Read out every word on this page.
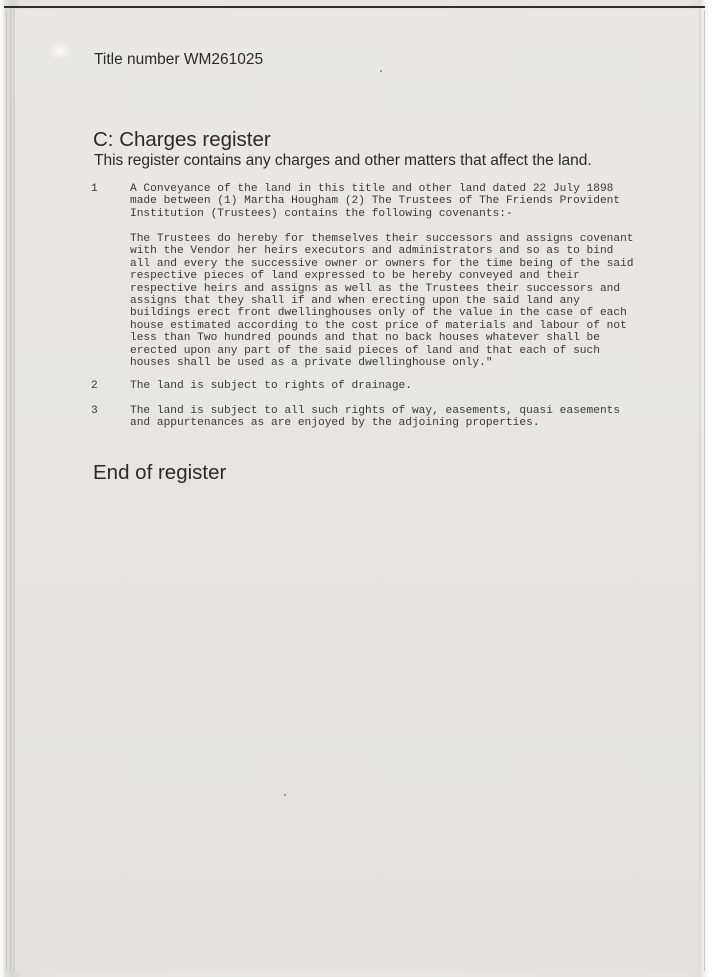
Title number WM261025
C: Charges register
This register contains any charges and other matters that affect the land.
1	A Conveyance of the land in this title and other land dated 22 July 1898
made between (1) Martha Hougham (2) The Trustees of The Friends Provident
Institution (Trustees) contains the following covenants:-
The Trustees do hereby for themselves their successors and assigns covenant
with the Vendor her heirs executors and administrators and so as to bind
all and every the successive owner or owners for the time being of the said
respective pieces of land expressed to be hereby conveyed and their
respective heirs and assigns as well as the Trustees their successors and
assigns that they shall if and when erecting upon the said land any
buildings erect front dwellinghouses only of the value in the case of each
house estimated according to the cost price of materials and labour of not
less than Two hundred pounds and that no back houses whatever shall be
erected upon any part of the said pieces of land and that each of such
houses shall be used as a private dwellinghouse only."
2	The land is subject to rights of drainage.
3	The land is subject to all such rights of way, easements, quasi easements
and appurtenances as are enjoyed by the adjoining properties.
End of register
